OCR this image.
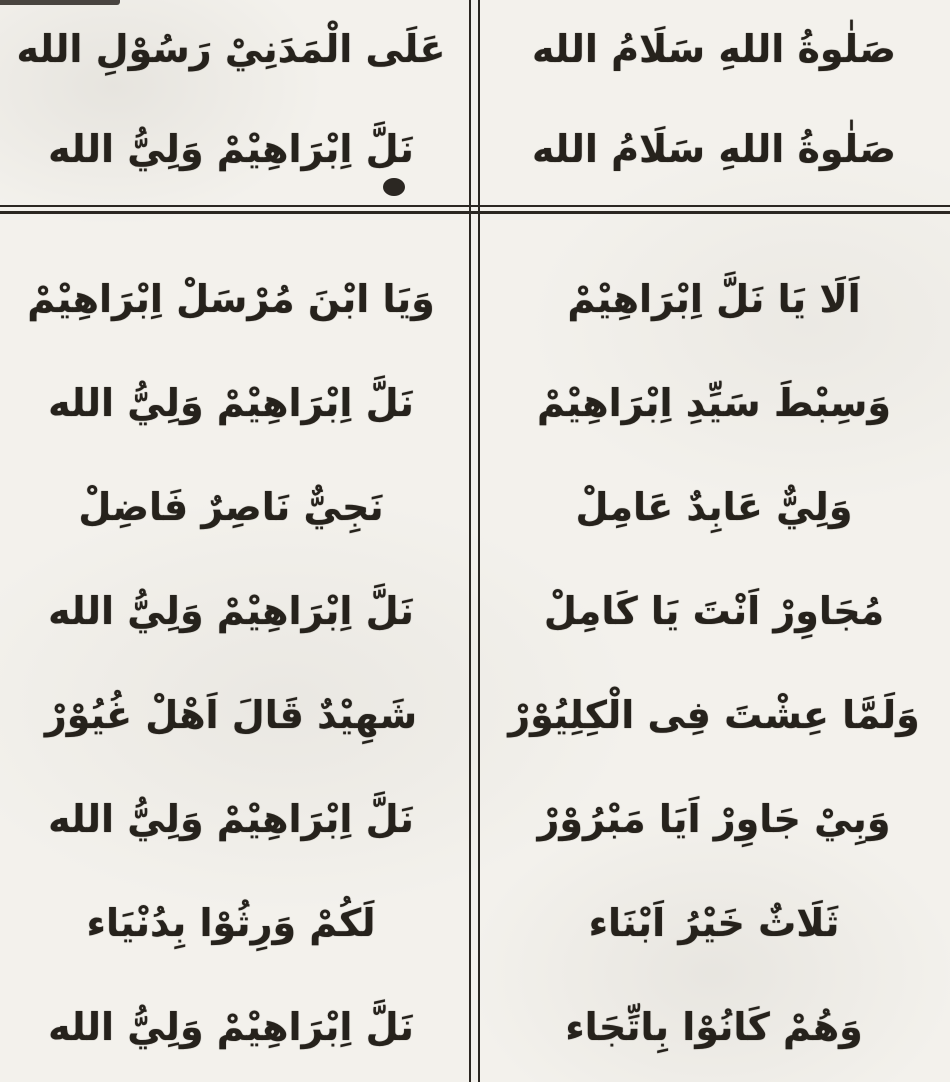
صَلٰوةُ اللهِ سَلَامُ الله
عَلَى الْمَدَنِيْ رَسُوْلِ الله
صَلٰوةُ اللهِ سَلَامُ الله
نَلَّ اِبْرَاهِيْمْ وَلِيُّ الله
اَلَا يَا نَلَّ اِبْرَاهِيْمْ
وَيَا ابْنَ مُرْسَلْ اِبْرَاهِيْمْ
وَسِبْطَ سَيِّدِ اِبْرَاهِيْمْ
نَلَّ اِبْرَاهِيْمْ وَلِيُّ الله
وَلِيٌّ عَابِدٌ عَامِلْ
نَجِيٌّ نَاصِرٌ فَاضِلْ
مُجَاوِرْ اَنْتَ يَا كَامِلْ
نَلَّ اِبْرَاهِيْمْ وَلِيُّ الله
وَلَمَّا عِشْتَ فِى الْكِلِيُوْرْ
شَهِيْدٌ قَالَ اَهْلْ غُيُوْرْ
وَبِيْ جَاوِرْ اَيَا مَبْرُوْرْ
نَلَّ اِبْرَاهِيْمْ وَلِيُّ الله
ثَلَاثٌ خَيْرُ اَبْنَاء
لَكُمْ وَرِثُوْا بِدُنْيَاء
وَهُمْ كَانُوْا بِاتِّجَاء
نَلَّ اِبْرَاهِيْمْ وَلِيُّ الله
